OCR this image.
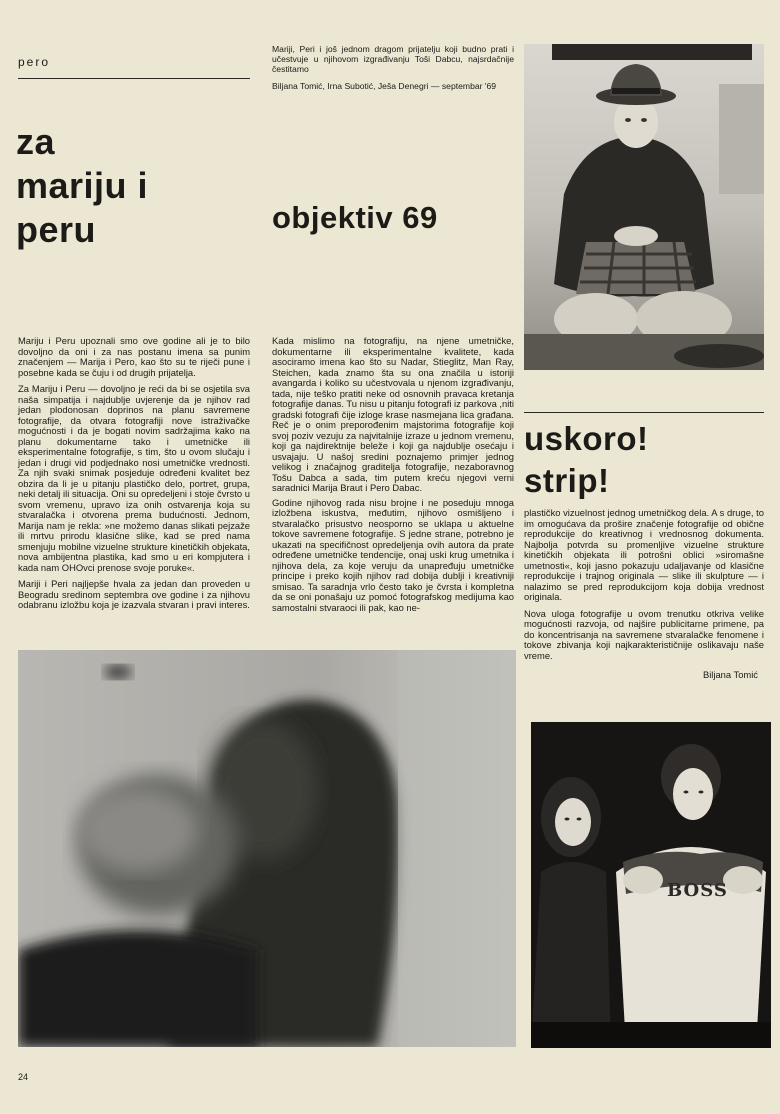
pero
za
mariju i
peru

Mariji, Peri i još jednom dragom prijatelju koji budno prati i učestvuje u njihovom izgrađivanju Toši Dabcu, najsrdačnije čestitamo

Biljana Tomić, Irna Subotić, Ješa Denegri — septembar '69

objektiv 69

Mariju i Peru upoznali smo ove godine ali je to bilo dovoljno da oni i za nas postanu imena sa punim značenjem — Marija i Pero, kao što su te riječi pune i posebne kada se čuju i od drugih prijatelja.

Za Mariju i Peru — dovoljno je reći da bi se osjetila sva naša simpatija i najdublje uvjerenje da je njihov rad jedan plodonosan doprinos na planu savremene fotografije, da otvara fotografiji nove istraživačke mogućnosti i da je bogati novim sadržajima kako na planu dokumentarne tako i umetničke ili eksperimentalne fotografije, s tim, što u ovom slučaju i jedan i drugi vid podjednako nosi umetničke vrednosti. Za njih svaki snimak posjeduje određeni kvalitet bez obzira da li je u pitanju plastičko delo, portret, grupa, neki detalj ili situacija. Oni su opredeljeni i stoje čvrsto u svom vremenu, upravo iza onih ostvarenja koja su stvaralačka i otvorena prema budućnosti. Jednom, Marija nam je rekla: »ne možemo danas slikati pejzaže ili mrtvu prirodu klasične slike, kad se pred nama smenjuju mobilne vizuelne strukture kinetičkih objekata, nova ambijentna plastika, kad smo u eri kompjutera i kada nam OHOvci prenose svoje poruke«.

Mariji i Peri najljepše hvala za jedan dan proveden u Beogradu sredinom septembra ove godine i za njihovu odabranu izložbu koja je izazvala stvaran i pravi interes.

Kada mislimo na fotografiju, na njene umetničke, dokumentarne ili eksperimentalne kvalitete, kada asociramo imena kao što su Nadar, Stieglitz, Man Ray, Steichen, kada znamo šta su ona značila u istoriji avangarda i koliko su učestvovala u njenom izgrađivanju, tada, nije teško pratiti neke od osnovnih pravaca kretanja fotografije danas. Tu nisu u pitanju fotografi iz parkova ,niti gradski fotografi čije izloge krase nasmejana lica građana. Reč je o onim preporođenim majstorima fotografije koji svoj poziv vezuju za najvitalnije izraze u jednom vremenu, koji ga najdirektnije beleže i koji ga najdublje osećaju i usvajaju. U našoj sredini poznajemo primjer jednog velikog i značajnog graditelja fotografije, nezaboravnog Tošu Dabca a sada, tim putem kreću njegovi verni saradnici Marija Braut i Pero Dabac.

Godine njihovog rada nisu brojne i ne poseduju mnoga izložbena iskustva, međutim, njihovo osmišljeno i stvaralačko prisustvo neosporno se uklapa u aktuelne tokove savremene fotografije. S jedne strane, potrebno je ukazati na specifičnost opredeljenja ovih autora da prate određene umetničke tendencije, onaj uski krug umetnika i njihova dela, za koje veruju da unapređuju umetničke principe i preko kojih njihov rad dobija dublji i kreativniji smisao. Ta saradnja vrlo često tako je čvrsta i kompletna da se oni ponašaju uz pomoć fotografskog medijuma kao samostalni stvaraoci ili pak, kao ne-

uskoro!
strip!

plastičko vizuelnost jednog umetničkog dela. A s druge, to im omogućava da prošire značenje fotografije od obične reprodukcije do kreativnog i vrednosnog dokumenta. Najbolja potvrda su promenljive vizuelne strukture kinetičkih objekata ili potrošni oblici »siromašne umetnosti«, koji jasno pokazuju udaljavanje od klasične reprodukcije i trajnog originala — slike ili skulpture — i nalazimo se pred reprodukcijom koja dobija vrednost originala.

Nova uloga fotografije u ovom trenutku otkriva velike mogućnosti razvoja, od najšire publicitarne primene, pa do koncentrisanja na savremene stvaralačke fenomene i tokove zbivanja koji najkarakterističnije oslikavaju naše vreme.

Biljana Tomić
BOSS
24
